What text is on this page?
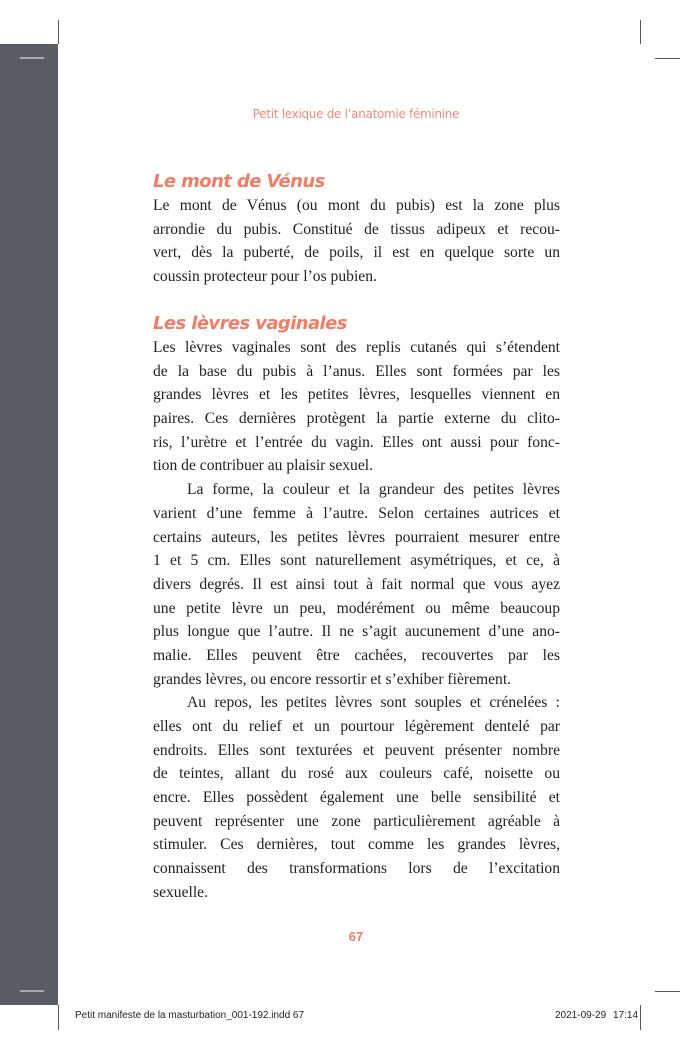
Petit lexique de l’anatomie féminine
Le mont de Vénus
Le mont de Vénus (ou mont du pubis) est la zone plus
arrondie du pubis. Constitué de tissus adipeux et recou-
vert, dès la puberté, de poils, il est en quelque sorte un
coussin protecteur pour l’os pubien.
Les lèvres vaginales
Les lèvres vaginales sont des replis cutanés qui s’étendent
de la base du pubis à l’anus. Elles sont formées par les
grandes lèvres et les petites lèvres, lesquelles viennent en
paires. Ces dernières protègent la partie externe du clito-
ris, l’urètre et l’entrée du vagin. Elles ont aussi pour fonc-
tion de contribuer au plaisir sexuel.
La forme, la couleur et la grandeur des petites lèvres
varient d’une femme à l’autre. Selon certaines autrices et
certains auteurs, les petites lèvres pourraient mesurer entre
1 et 5 cm. Elles sont naturellement asymétriques, et ce, à
divers degrés. Il est ainsi tout à fait normal que vous ayez
une petite lèvre un peu, modérément ou même beaucoup
plus longue que l’autre. Il ne s’agit aucunement d’une ano-
malie. Elles peuvent être cachées, recouvertes par les
grandes lèvres, ou encore ressortir et s’exhiber fièrement.
Au repos, les petites lèvres sont souples et crénelées :
elles ont du relief et un pourtour légèrement dentelé par
endroits. Elles sont texturées et peuvent présenter nombre
de teintes, allant du rosé aux couleurs café, noisette ou
encre. Elles possèdent également une belle sensibilité et
peuvent représenter une zone particulièrement agréable à
stimuler. Ces dernières, tout comme les grandes lèvres,
connaissent des transformations lors de l’excitation
sexuelle.
67
Petit manifeste de la masturbation_001-192.indd 67	2021-09-29 17:14
